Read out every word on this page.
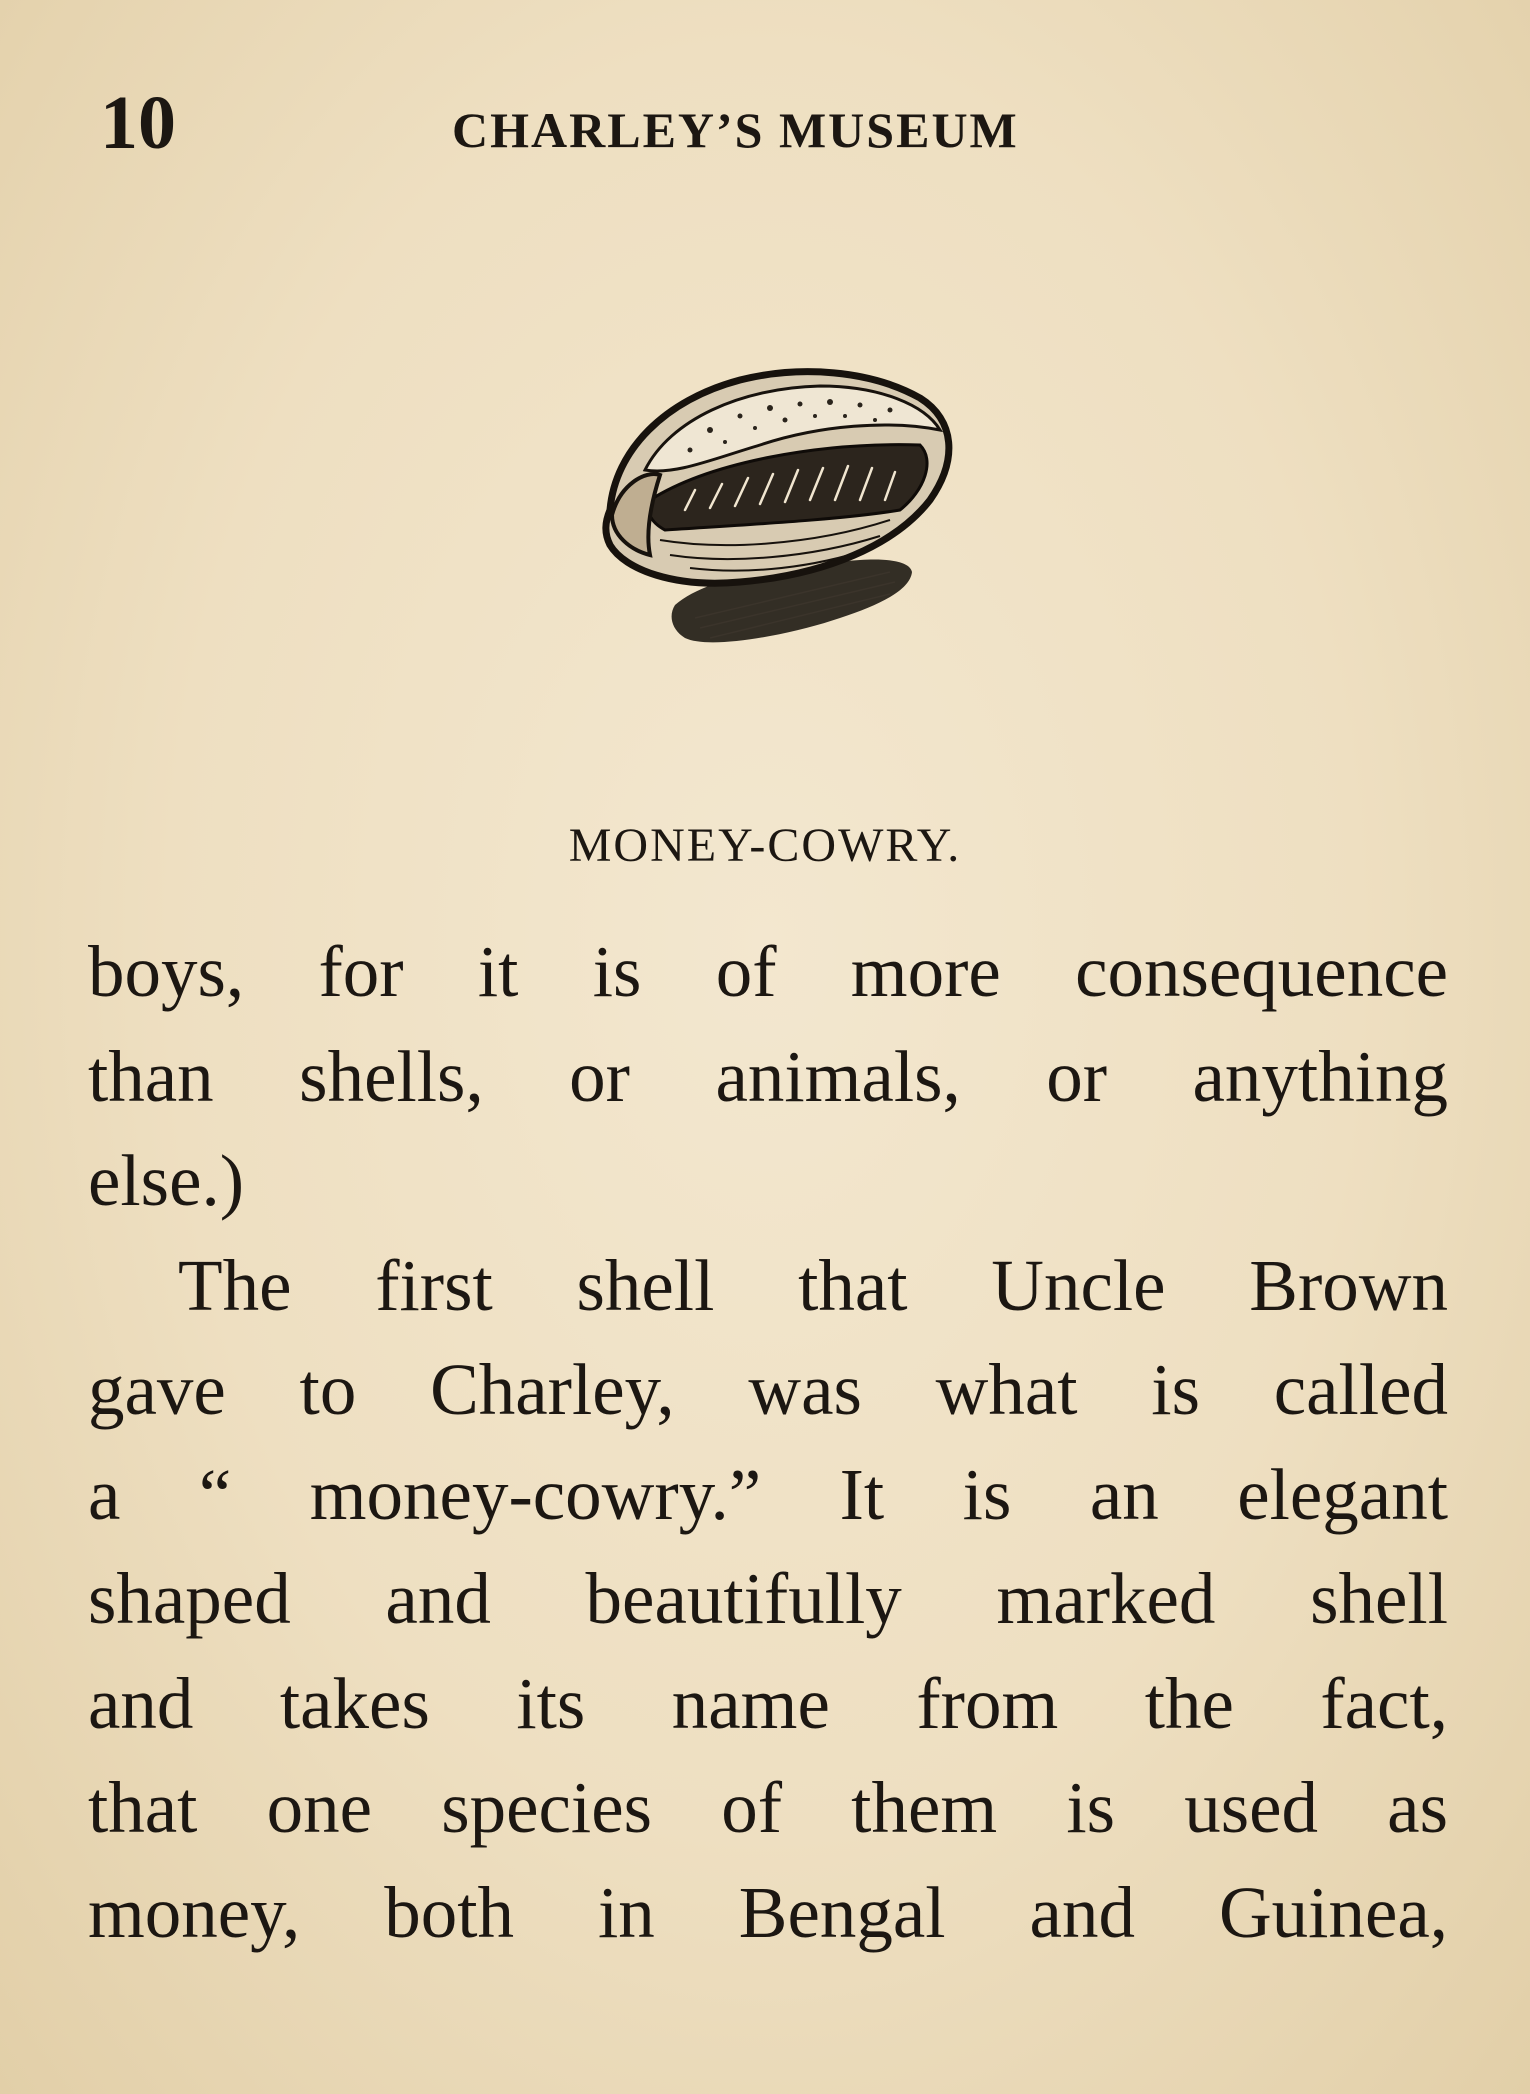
10	CHARLEY’S MUSEUM
MONEY-COWRY.
boys, for it is of more consequence
than shells, or animals, or anything
else.)
The first shell that Uncle Brown
gave to Charley, was what is called
a “ money-cowry.” It is an elegant
shaped and beautifully marked shell
and takes its name from the fact,
that one species of them is used as
money, both in Bengal and Guinea,
